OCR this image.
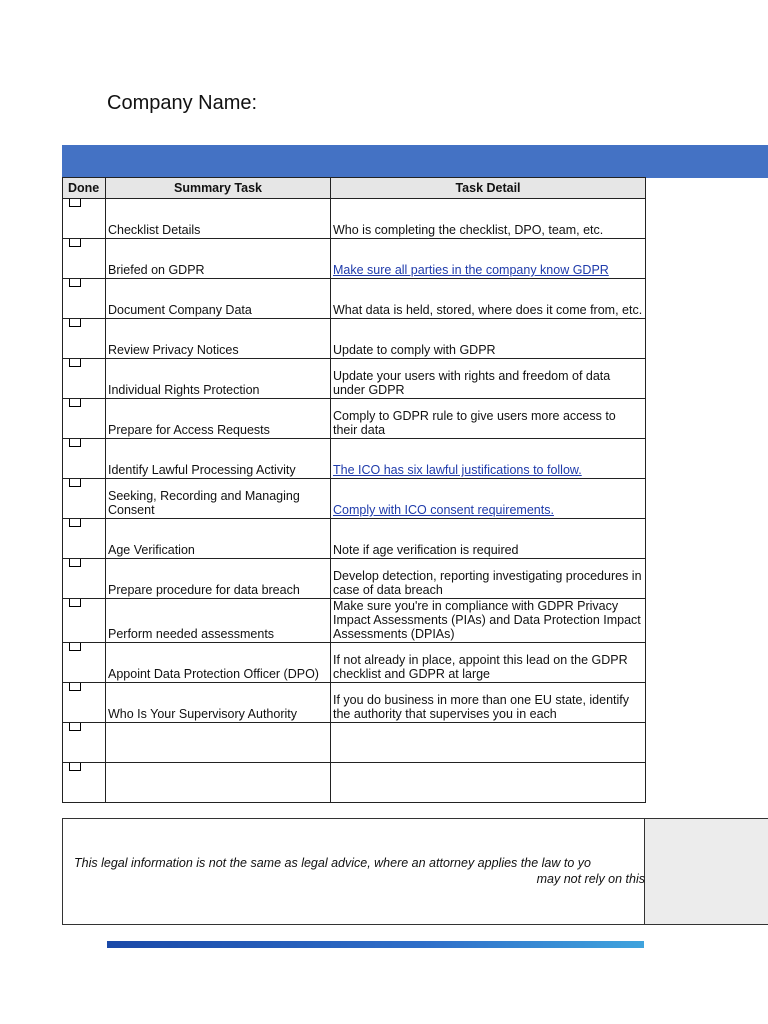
Company Name:
Done	Summary Task	Task Detail

	Checklist Details	Who is completing the checklist, DPO, team, etc.

	Briefed on GDPR	Make sure all parties in the company know GDPR

	Document Company Data	What data is held, stored, where does it come from, etc.

	Review Privacy Notices	Update to comply with GDPR

	Individual Rights Protection	Update your users with rights and freedom of data under GDPR

	Prepare for Access Requests	Comply to GDPR rule to give users more access to their data

	Identify Lawful Processing Activity	The ICO has six lawful justifications to follow.

	Seeking, Recording and Managing Consent	Comply with ICO consent requirements.

	Age Verification	Note if age verification is required

	Prepare procedure for data breach	Develop detection, reporting investigating procedures in case of data breach

	Perform needed assessments	Make sure you're in compliance with GDPR Privacy Impact Assessments (PIAs) and Data Protection Impact Assessments (DPIAs)

	Appoint Data Protection Officer (DPO)	If not already in place, appoint this lead on the GDPR checklist and GDPR at large

	Who Is Your Supervisory Authority	If you do business in more than one EU state, identify the authority that supervises you in each

This legal information is not the same as legal advice, where an attorney applies the law to yo
may not rely on this
